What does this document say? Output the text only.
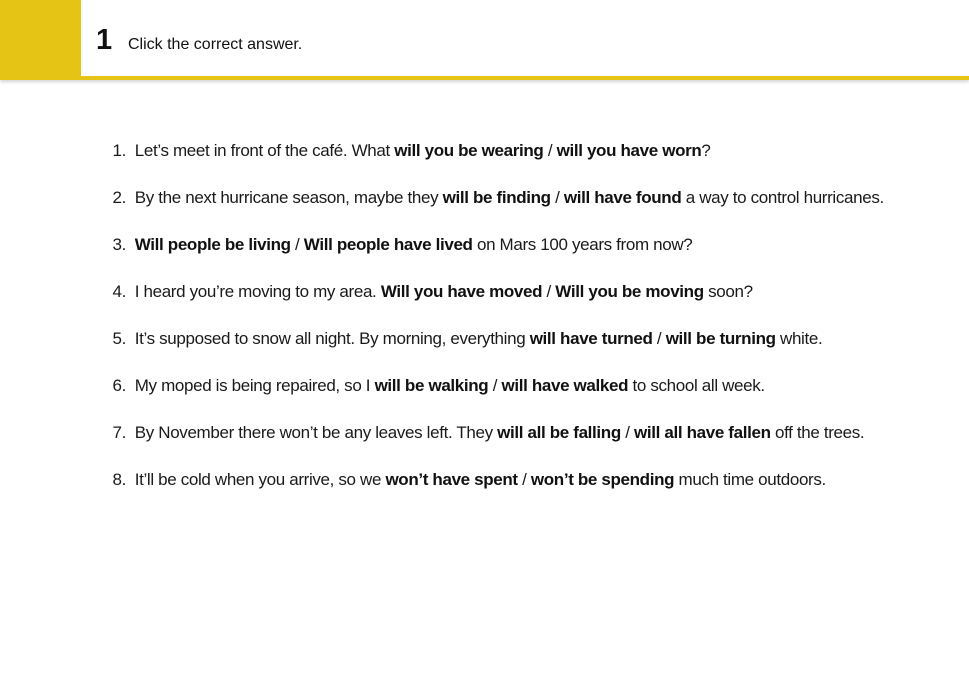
1 Click the correct answer.
1.
Let’s meet in front of the café. What will you be wearing / will you have worn?
2.
By the next hurricane season, maybe they will be finding / will have found a way to control hurricanes.
3.
Will people be living / Will people have lived on Mars 100 years from now?
4.
I heard you’re moving to my area. Will you have moved / Will you be moving soon?
5.
It’s supposed to snow all night. By morning, everything will have turned / will be turning white.
6.
My moped is being repaired, so I will be walking / will have walked to school all week.
7.
By November there won’t be any leaves left. They will all be falling / will all have fallen off the trees.
8.
It’ll be cold when you arrive, so we won’t have spent / won’t be spending much time outdoors.
